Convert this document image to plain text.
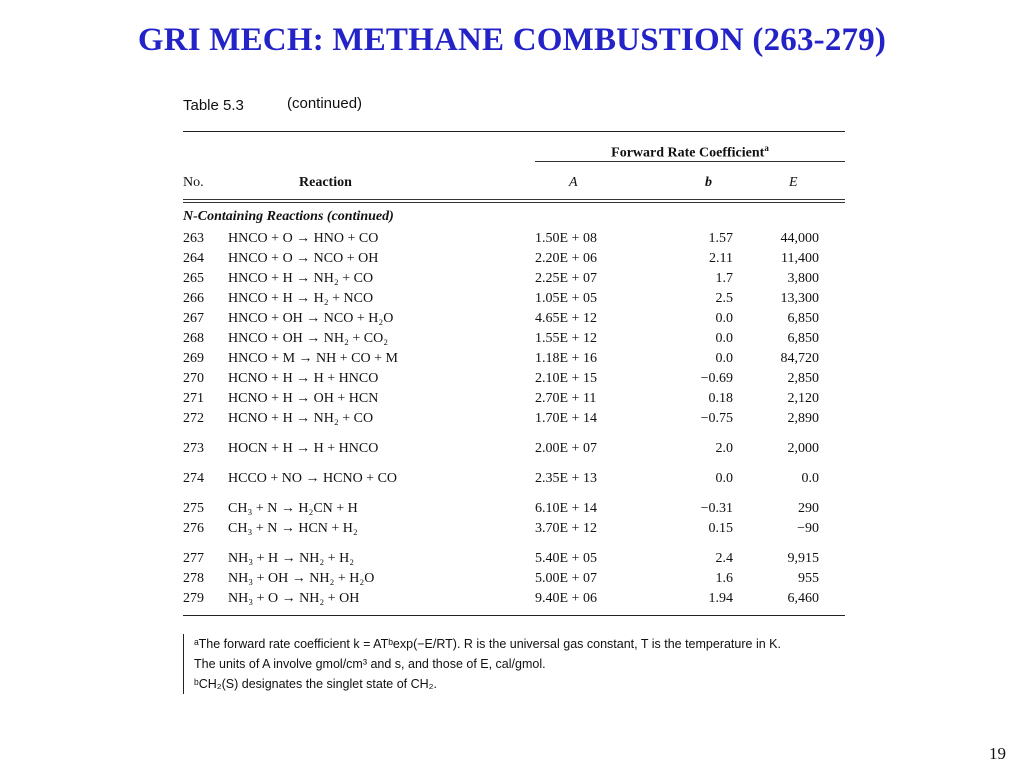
GRI MECH: METHANE COMBUSTION (263-279)
Table 5.3	(continued)
Forward Rate Coefficient$^a$
No.	Reaction	A	b	E
N-Containing Reactions (continued)
263 HNCO + O → HNO + CO	1.50E + 08	1.57	44,000
264 HNCO + O → NCO + OH	2.20E + 06	2.11	11,400
265 HNCO + H → NH₂ + CO	2.25E + 07	1.7	3,800
266 HNCO + H → H₂ + NCO	1.05E + 05	2.5	13,300
267 HNCO + OH → NCO + H₂O	4.65E + 12	0.0	6,850
268 HNCO + OH → NH₂ + CO₂	1.55E + 12	0.0	6,850
269 HNCO + M → NH + CO + M	1.18E + 16	0.0	84,720
270 HCNO + H → H + HNCO	2.10E + 15	−0.69	2,850
271 HCNO + H → OH + HCN	2.70E + 11	0.18	2,120
272 HCNO + H → NH₂ + CO	1.70E + 14	−0.75	2,890
273 HOCN + H → H + HNCO	2.00E + 07	2.0	2,000
274 HCCO + NO → HCNO + CO	2.35E + 13	0.0	0.0
275 CH₃ + N → H₂CN + H	6.10E + 14	−0.31	290
276 CH₃ + N → HCN + H₂	3.70E + 12	0.15	−90
277 NH₃ + H → NH₂ + H₂	5.40E + 05	2.4	9,915
278 NH₃ + OH → NH₂ + H₂O	5.00E + 07	1.6	955
279 NH₃ + O → NH₂ + OH	9.40E + 06	1.94	6,460
ᵃThe forward rate coefficient k = ATᵇexp(−E/RT). R is the universal gas constant, T is the temperature in K.
The units of A involve gmol/cm³ and s, and those of E, cal/gmol.
ᵇCH₂(S) designates the singlet state of CH₂.
19
